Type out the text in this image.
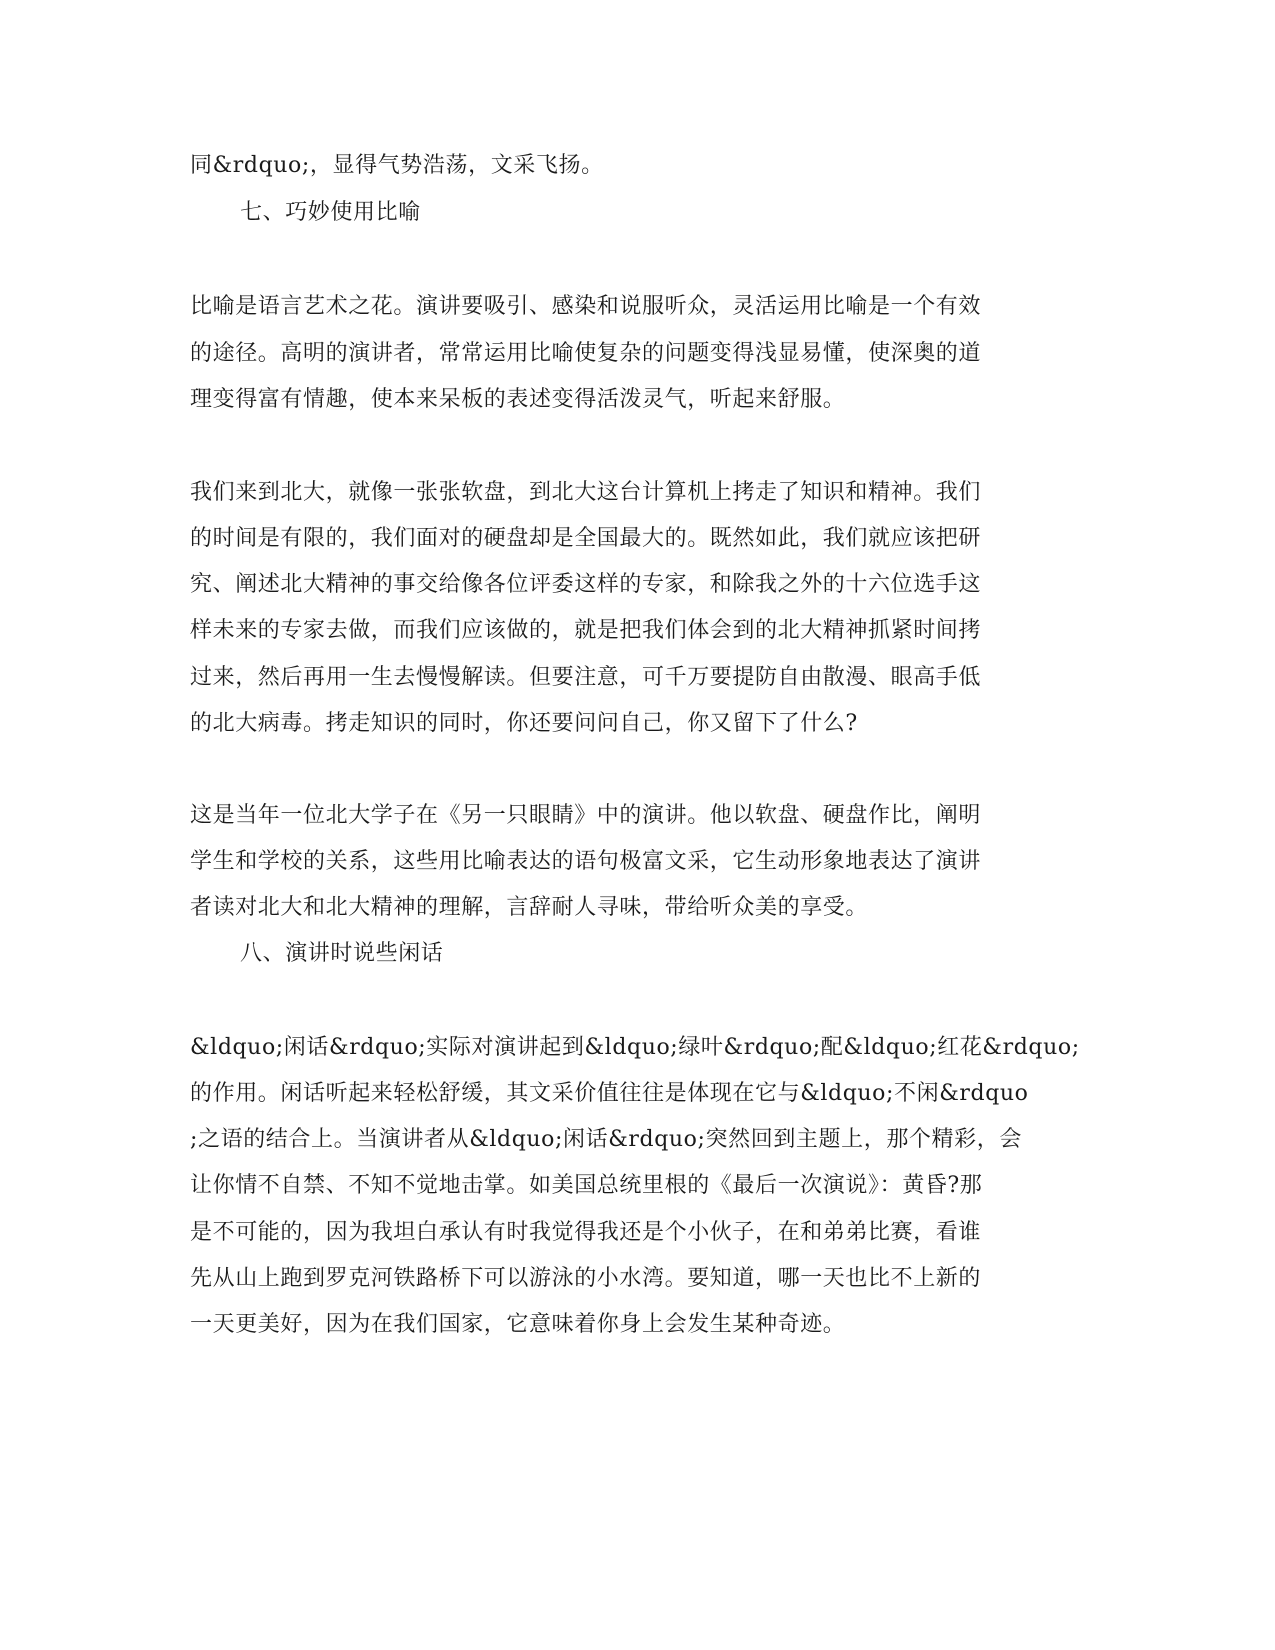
同&rdquo;，显得气势浩荡，文采飞扬。
七、巧妙使用比喻
比喻是语言艺术之花。演讲要吸引、感染和说服听众，灵活运用比喻是一个有效
的途径。高明的演讲者，常常运用比喻使复杂的问题变得浅显易懂，使深奥的道
理变得富有情趣，使本来呆板的表述变得活泼灵气，听起来舒服。
我们来到北大，就像一张张软盘，到北大这台计算机上拷走了知识和精神。我们
的时间是有限的，我们面对的硬盘却是全国最大的。既然如此，我们就应该把研
究、阐述北大精神的事交给像各位评委这样的专家，和除我之外的十六位选手这
样未来的专家去做，而我们应该做的，就是把我们体会到的北大精神抓紧时间拷
过来，然后再用一生去慢慢解读。但要注意，可千万要提防自由散漫、眼高手低
的北大病毒。拷走知识的同时，你还要问问自己，你又留下了什么?
这是当年一位北大学子在《另一只眼睛》中的演讲。他以软盘、硬盘作比，阐明
学生和学校的关系，这些用比喻表达的语句极富文采，它生动形象地表达了演讲
者读对北大和北大精神的理解，言辞耐人寻味，带给听众美的享受。
八、演讲时说些闲话
&ldquo;闲话&rdquo;实际对演讲起到&ldquo;绿叶&rdquo;配&ldquo;红花&rdquo;
的作用。闲话听起来轻松舒缓，其文采价值往往是体现在它与&ldquo;不闲&rdquo
;之语的结合上。当演讲者从&ldquo;闲话&rdquo;突然回到主题上，那个精彩，会
让你情不自禁、不知不觉地击掌。如美国总统里根的《最后一次演说》：黄昏?那
是不可能的，因为我坦白承认有时我觉得我还是个小伙子，在和弟弟比赛，看谁
先从山上跑到罗克河铁路桥下可以游泳的小水湾。要知道，哪一天也比不上新的
一天更美好，因为在我们国家，它意味着你身上会发生某种奇迹。
